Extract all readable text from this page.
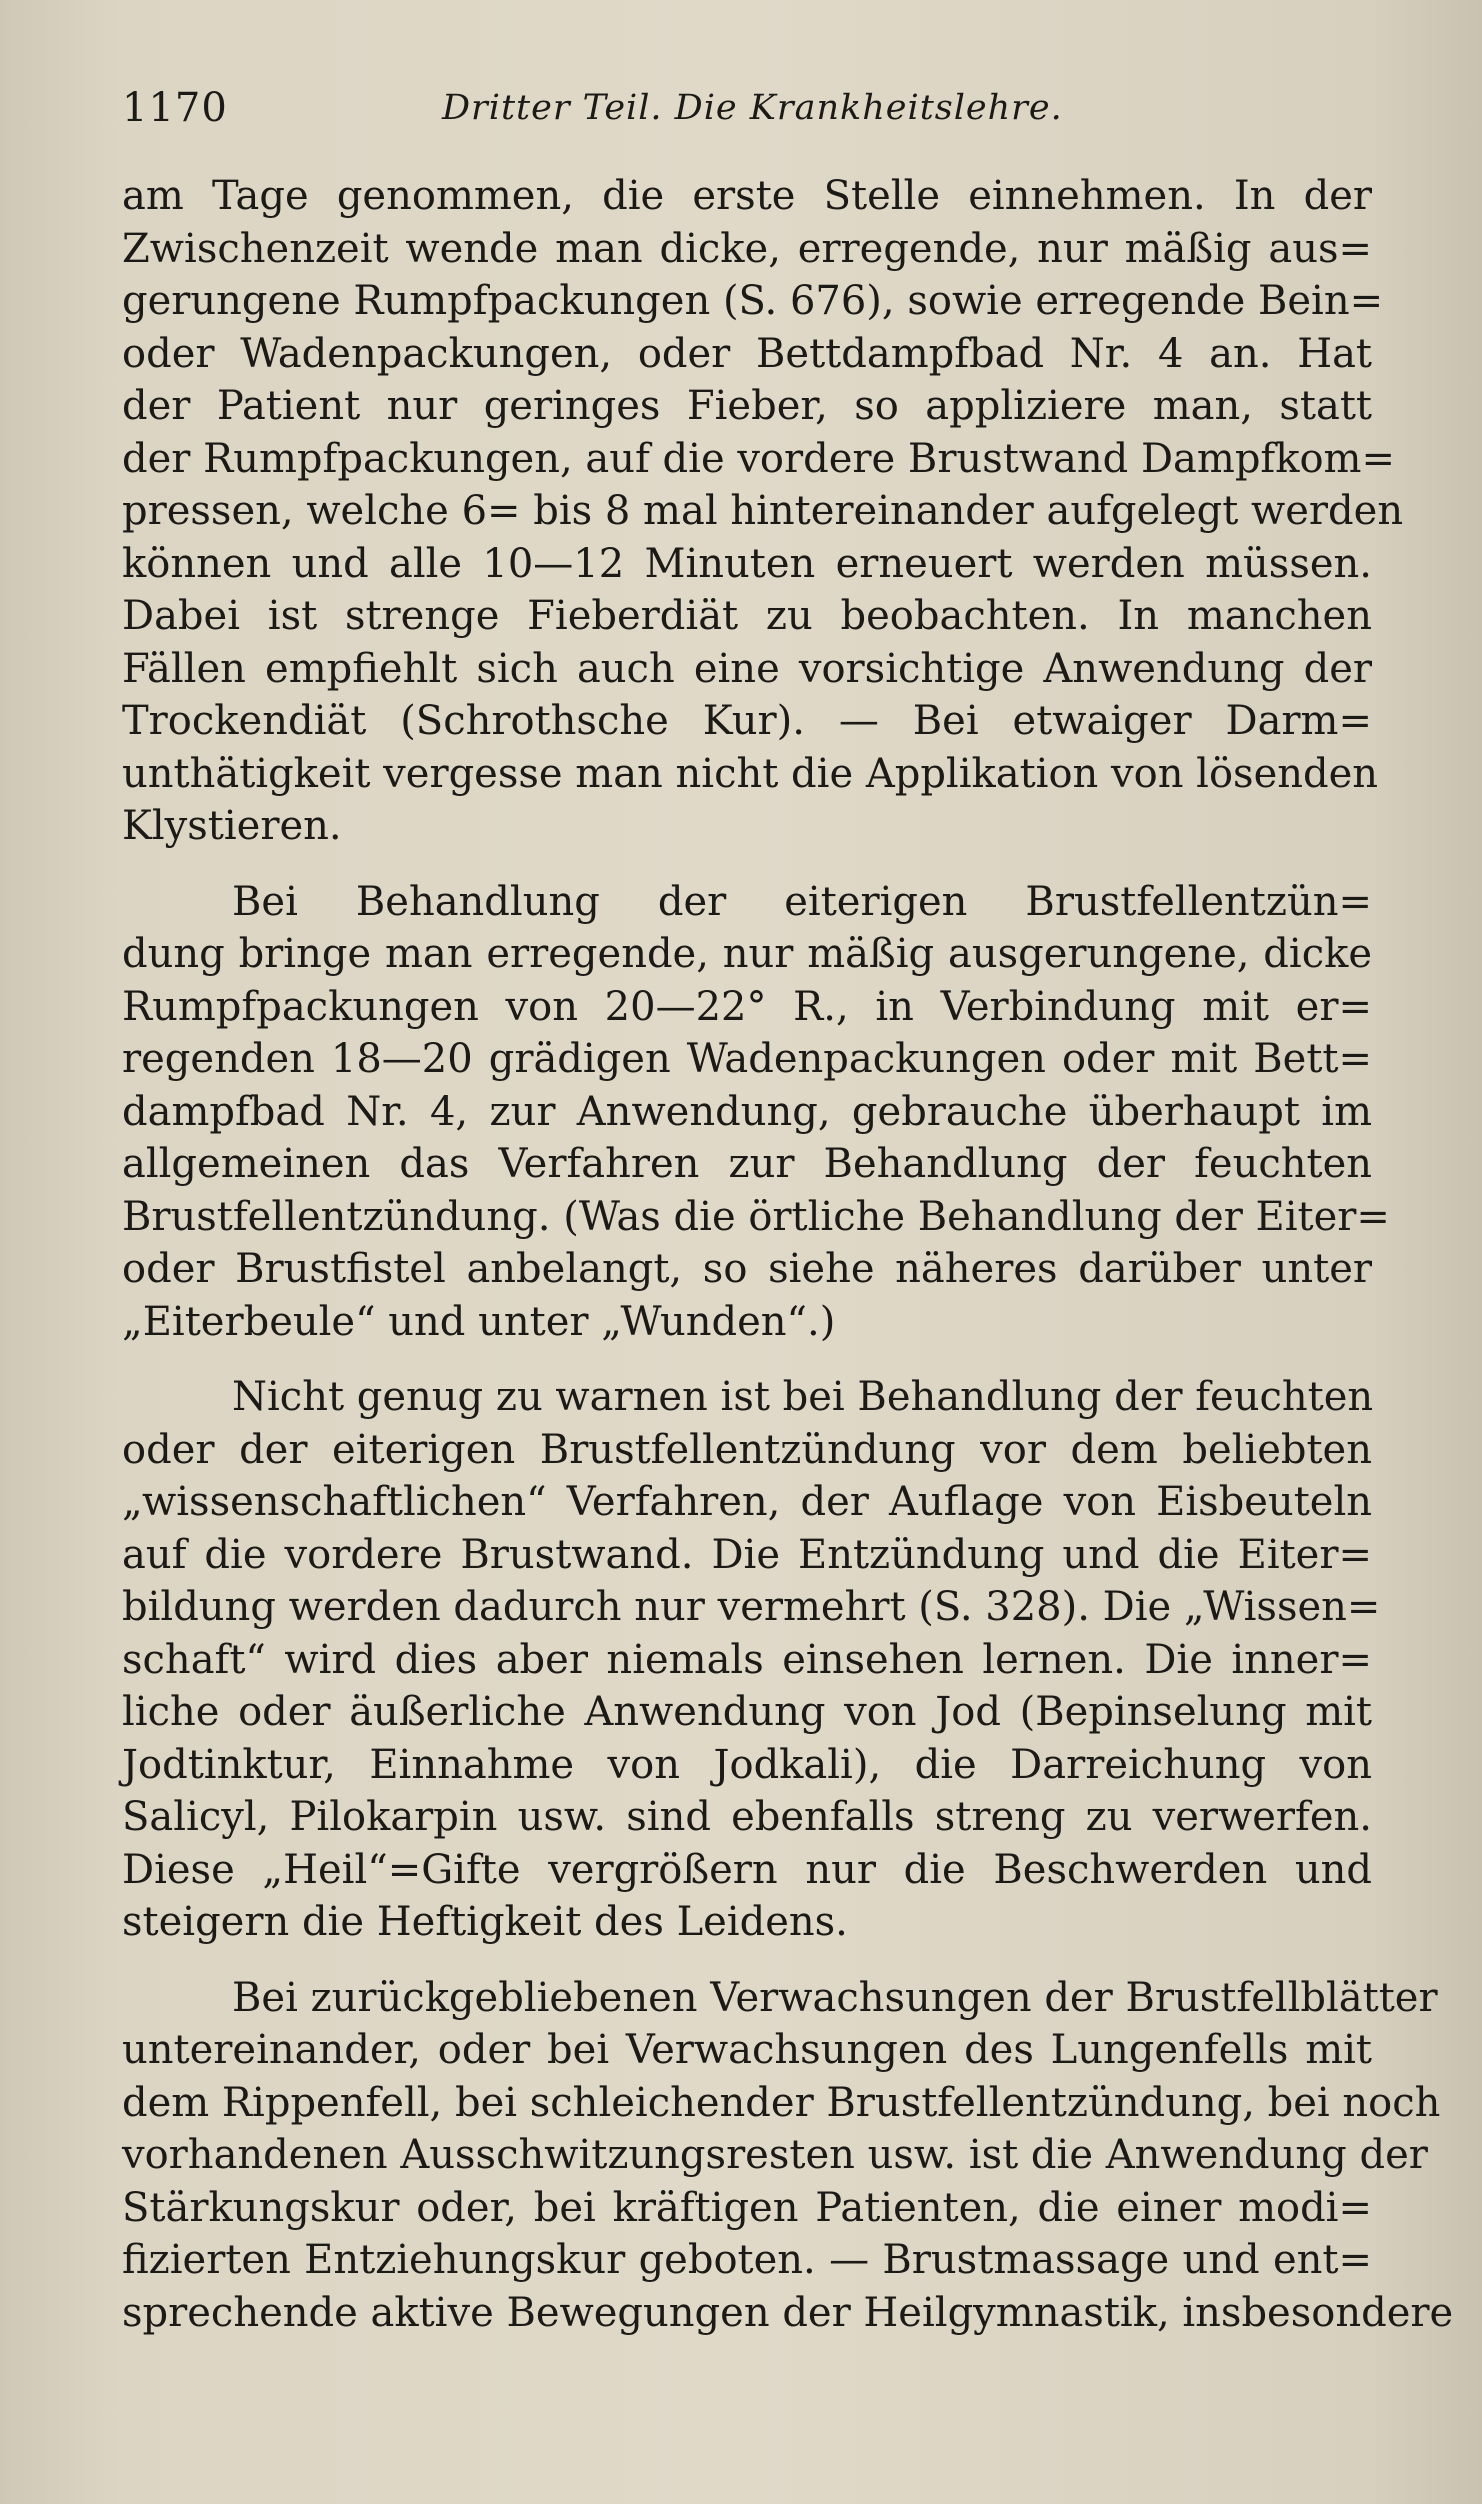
1170	Dritter Teil. Die Krankheitslehre.
am Tage genommen, die erste Stelle einnehmen. In der
Zwischenzeit wende man dicke, erregende, nur mäßig aus=
gerungene Rumpfpackungen (S. 676), sowie erregende Bein=
oder Wadenpackungen, oder Bettdampfbad Nr. 4 an. Hat
der Patient nur geringes Fieber, so appliziere man, statt
der Rumpfpackungen, auf die vordere Brustwand Dampfkom=
pressen, welche 6= bis 8 mal hintereinander aufgelegt werden
können und alle 10—12 Minuten erneuert werden müssen.
Dabei ist strenge Fieberdiät zu beobachten. In manchen
Fällen empfiehlt sich auch eine vorsichtige Anwendung der
Trockendiät (Schrothsche Kur). — Bei etwaiger Darm=
unthätigkeit vergesse man nicht die Applikation von lösenden
Klystieren.
Bei Behandlung der eiterigen Brustfellentzün=
dung bringe man erregende, nur mäßig ausgerungene, dicke
Rumpfpackungen von 20—22° R., in Verbindung mit er=
regenden 18—20 grädigen Wadenpackungen oder mit Bett=
dampfbad Nr. 4, zur Anwendung, gebrauche überhaupt im
allgemeinen das Verfahren zur Behandlung der feuchten
Brustfellentzündung. (Was die örtliche Behandlung der Eiter=
oder Brustfistel anbelangt, so siehe näheres darüber unter
„Eiterbeule“ und unter „Wunden“.)
Nicht genug zu warnen ist bei Behandlung der feuchten
oder der eiterigen Brustfellentzündung vor dem beliebten
„wissenschaftlichen“ Verfahren, der Auflage von Eisbeuteln
auf die vordere Brustwand. Die Entzündung und die Eiter=
bildung werden dadurch nur vermehrt (S. 328). Die „Wissen=
schaft“ wird dies aber niemals einsehen lernen. Die inner=
liche oder äußerliche Anwendung von Jod (Bepinselung mit
Jodtinktur, Einnahme von Jodkali), die Darreichung von
Salicyl, Pilokarpin usw. sind ebenfalls streng zu verwerfen.
Diese „Heil“=Gifte vergrößern nur die Beschwerden und
steigern die Heftigkeit des Leidens.
Bei zurückgebliebenen Verwachsungen der Brustfellblätter
untereinander, oder bei Verwachsungen des Lungenfells mit
dem Rippenfell, bei schleichender Brustfellentzündung, bei noch
vorhandenen Ausschwitzungsresten usw. ist die Anwendung der
Stärkungskur oder, bei kräftigen Patienten, die einer modi=
fizierten Entziehungskur geboten. — Brustmassage und ent=
sprechende aktive Bewegungen der Heilgymnastik, insbesondere
